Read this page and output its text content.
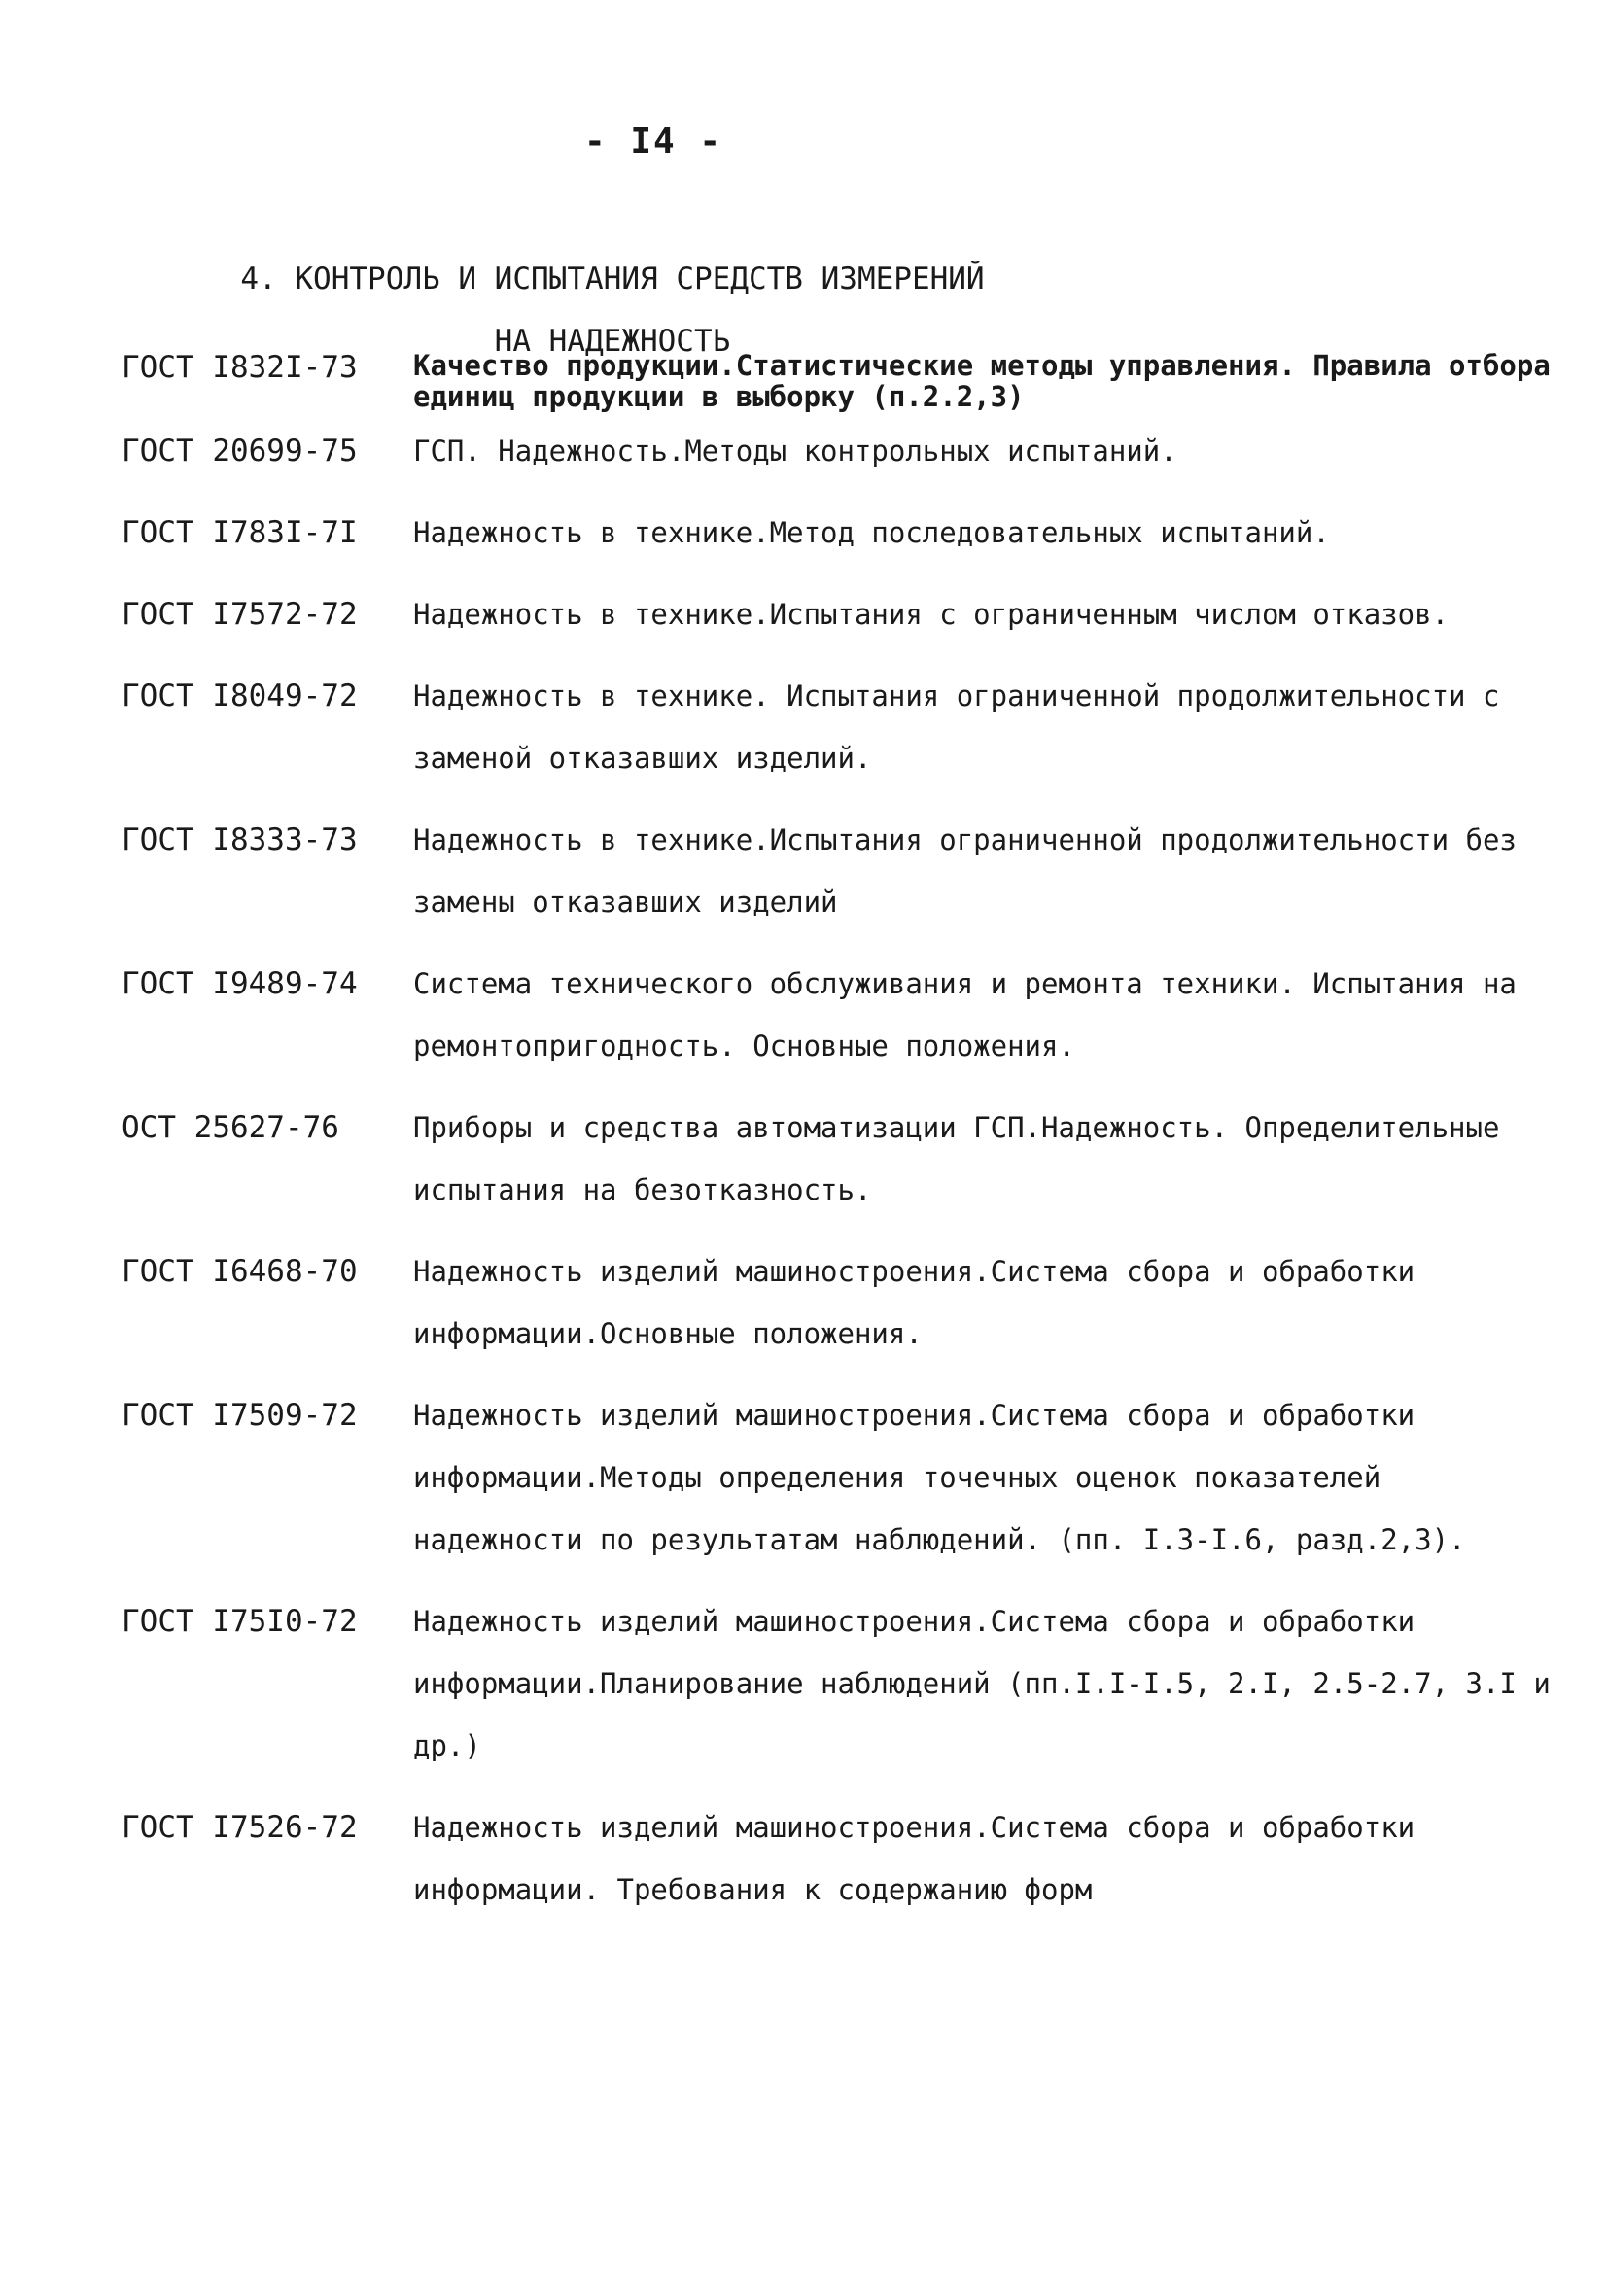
- I4 -
4. КОНТРОЛЬ И ИСПЫТАНИЯ СРЕДСТВ ИЗМЕРЕНИЙ
НА НАДЕЖНОСТЬ
ГОСТ I832I-73 Качество продукции.Статистические методы управления. Правила отбора единиц продукции в выборку (п.2.2,3)
ГОСТ 20699-75 ГСП. Надежность.Методы контрольных испытаний.
ГОСТ I783I-7I Надежность в технике.Метод последовательных испытаний.
ГОСТ I7572-72 Надежность в технике.Испытания с ограниченным числом отказов.
ГОСТ I8049-72 Надежность в технике. Испытания ограниченной продолжительности с заменой отказавших изделий.
ГОСТ I8333-73 Надежность в технике.Испытания ограниченной продолжительности без замены отказавших изделий
ГОСТ I9489-74 Система технического обслуживания и ремонта техники. Испытания на ремонтопригодность. Основные положения.
ОСТ 25627-76	Приборы и средства автоматизации ГСП.Надежность. Определительные испытания на безотказность.
ГОСТ I6468-70 Надежность изделий машиностроения.Система сбора и обработки информации.Основные положения.
ГОСТ I7509-72 Надежность изделий машиностроения.Система сбора и обработки информации.Методы определения точечных оценок показателей надежности по результатам наблюдений. (пп. I.3-I.6, разд.2,3).
ГОСТ I75I0-72 Надежность изделий машиностроения.Система сбора и обработки информации.Планирование наблюдений (пп.I.I-I.5, 2.I, 2.5-2.7, 3.I и др.)
ГОСТ I7526-72 Надежность изделий машиностроения.Система сбора и обработки информации. Требования к содержанию форм
